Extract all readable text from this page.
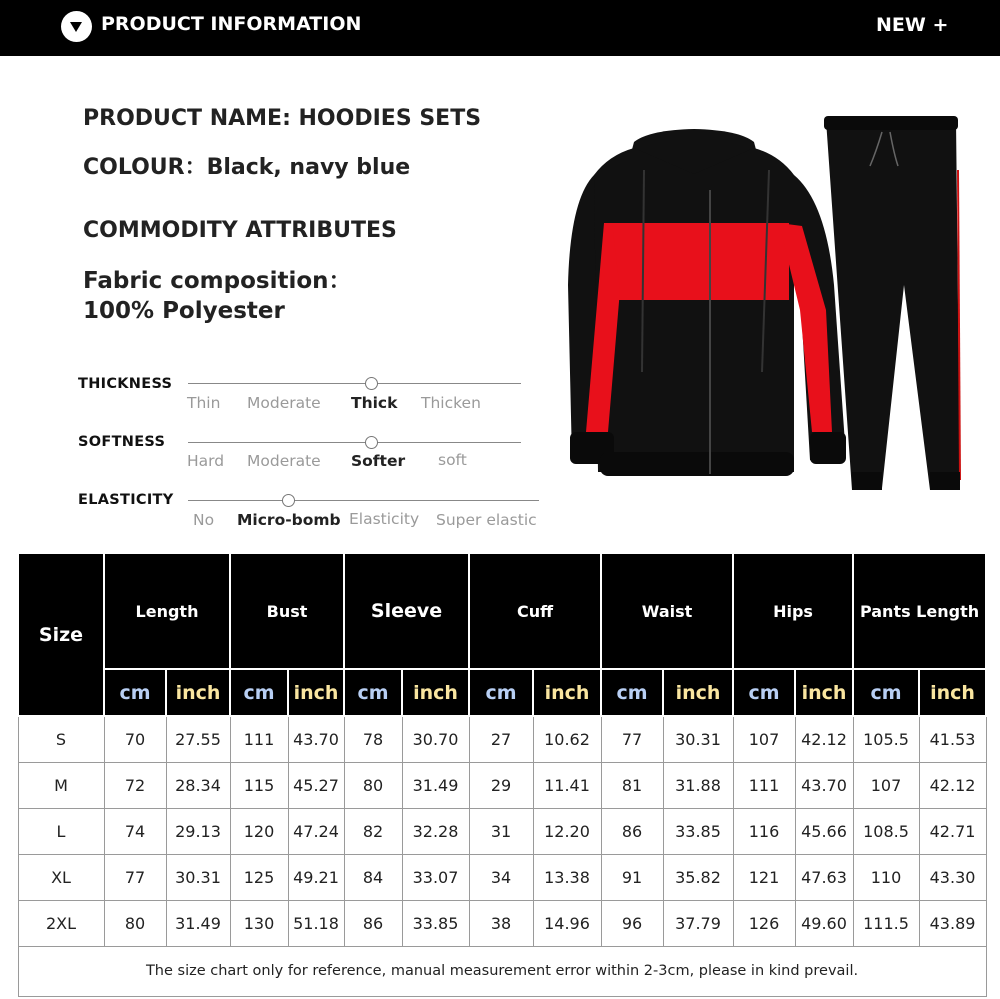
PRODUCT INFORMATION	NEW +
PRODUCT NAME: HOODIES SETS
COLOUR：Black, navy blue
COMMODITY ATTRIBUTES
Fabric composition：
100% Polyester
THICKNESS
Thin Moderate Thick Thicken
SOFTNESS
Hard Moderate Softer soft
ELASTICITY
No Micro-bomb Elasticity Super elastic
Size	Length		Bust		Sleeve		Cuff		Waist		Hips		Pants Length	
	cm	inch	cm	inch	cm	inch	cm	inch	cm	inch	cm	inch	cm	inch
S	70	27.55	111	43.70	78	30.70	27	10.62	77	30.31	107	42.12	105.5	41.53
M	72	28.34	115	45.27	80	31.49	29	11.41	81	31.88	111	43.70	107	42.12
L	74	29.13	120	47.24	82	32.28	31	12.20	86	33.85	116	45.66	108.5	42.71
XL	77	30.31	125	49.21	84	33.07	34	13.38	91	35.82	121	47.63	110	43.30
2XL	80	31.49	130	51.18	86	33.85	38	14.96	96	37.79	126	49.60	111.5	43.89
The size chart only for reference, manual measurement error within 2-3cm, please in kind prevail.														
